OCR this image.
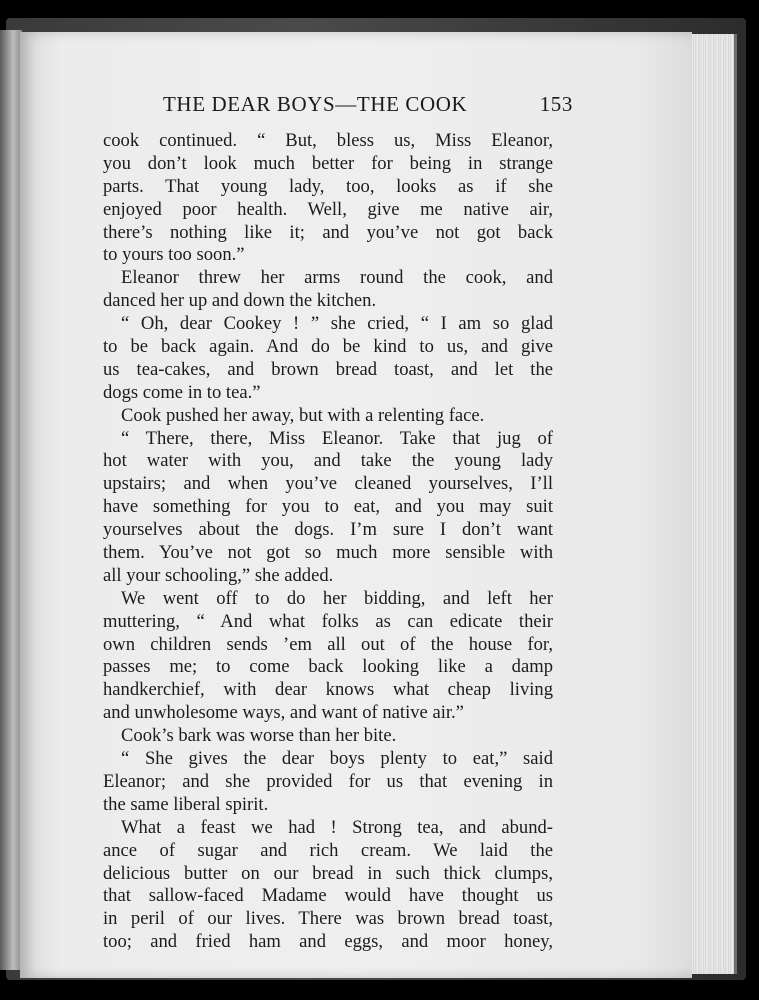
THE DEAR BOYS—THE COOK	153
cook continued. “ But, bless us, Miss Eleanor,
you don’t look much better for being in strange
parts. That young lady, too, looks as if she
enjoyed poor health. Well, give me native air,
there’s nothing like it; and you’ve not got back
to yours too soon.”
Eleanor threw her arms round the cook, and
danced her up and down the kitchen.
“ Oh, dear Cookey ! ” she cried, “ I am so glad
to be back again. And do be kind to us, and give
us tea-cakes, and brown bread toast, and let the
dogs come in to tea.”
Cook pushed her away, but with a relenting face.
“ There, there, Miss Eleanor. Take that jug of
hot water with you, and take the young lady
upstairs; and when you’ve cleaned yourselves, I’ll
have something for you to eat, and you may suit
yourselves about the dogs. I’m sure I don’t want
them. You’ve not got so much more sensible with
all your schooling,” she added.
We went off to do her bidding, and left her
muttering, “ And what folks as can edicate their
own children sends ’em all out of the house for,
passes me; to come back looking like a damp
handkerchief, with dear knows what cheap living
and unwholesome ways, and want of native air.”
Cook’s bark was worse than her bite.
“ She gives the dear boys plenty to eat,” said
Eleanor; and she provided for us that evening in
the same liberal spirit.
What a feast we had ! Strong tea, and abund-
ance of sugar and rich cream. We laid the
delicious butter on our bread in such thick clumps,
that sallow-faced Madame would have thought us
in peril of our lives. There was brown bread toast,
too; and fried ham and eggs, and moor honey,
